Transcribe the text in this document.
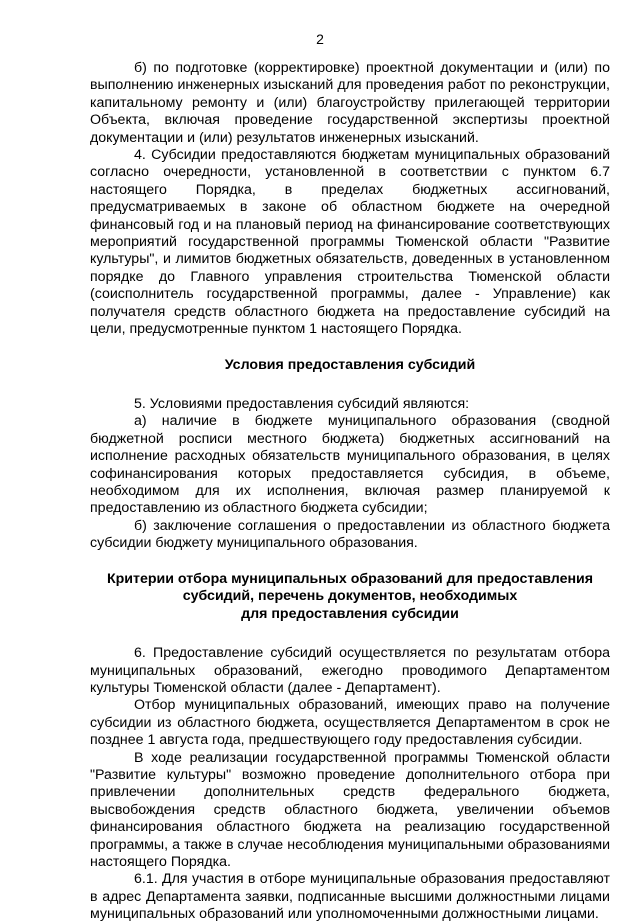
2

б) по подготовке (корректировке) проектной документации и (или) по выполнению инженерных изысканий для проведения работ по реконструкции, капитальному ремонту и (или) благоустройству прилегающей территории Объекта, включая проведение государственной экспертизы проектной документации и (или) результатов инженерных изысканий.

4. Субсидии предоставляются бюджетам муниципальных образований согласно очередности, установленной в соответствии с пунктом 6.7 настоящего Порядка, в пределах бюджетных ассигнований, предусматриваемых в законе об областном бюджете на очередной финансовый год и на плановый период на финансирование соответствующих мероприятий государственной программы Тюменской области "Развитие культуры", и лимитов бюджетных обязательств, доведенных в установленном порядке до Главного управления строительства Тюменской области (соисполнитель государственной программы, далее - Управление) как получателя средств областного бюджета на предоставление субсидий на цели, предусмотренные пунктом 1 настоящего Порядка.

Условия предоставления субсидий

5. Условиями предоставления субсидий являются:

а) наличие в бюджете муниципального образования (сводной бюджетной росписи местного бюджета) бюджетных ассигнований на исполнение расходных обязательств муниципального образования, в целях софинансирования которых предоставляется субсидия, в объеме, необходимом для их исполнения, включая размер планируемой к предоставлению из областного бюджета субсидии;

б) заключение соглашения о предоставлении из областного бюджета субсидии бюджету муниципального образования.

Критерии отбора муниципальных образований для предоставления
субсидий, перечень документов, необходимых
для предоставления субсидии

6. Предоставление субсидий осуществляется по результатам отбора муниципальных образований, ежегодно проводимого Департаментом культуры Тюменской области (далее - Департамент).

Отбор муниципальных образований, имеющих право на получение субсидии из областного бюджета, осуществляется Департаментом в срок не позднее 1 августа года, предшествующего году предоставления субсидии.

В ходе реализации государственной программы Тюменской области "Развитие культуры" возможно проведение дополнительного отбора при привлечении дополнительных средств федерального бюджета, высвобождения средств областного бюджета, увеличении объемов финансирования областного бюджета на реализацию государственной программы, а также в случае несоблюдения муниципальными образованиями настоящего Порядка.

6.1. Для участия в отборе муниципальные образования предоставляют в адрес Департамента заявки, подписанные высшими должностными лицами муниципальных образований или уполномоченными должностными лицами.
